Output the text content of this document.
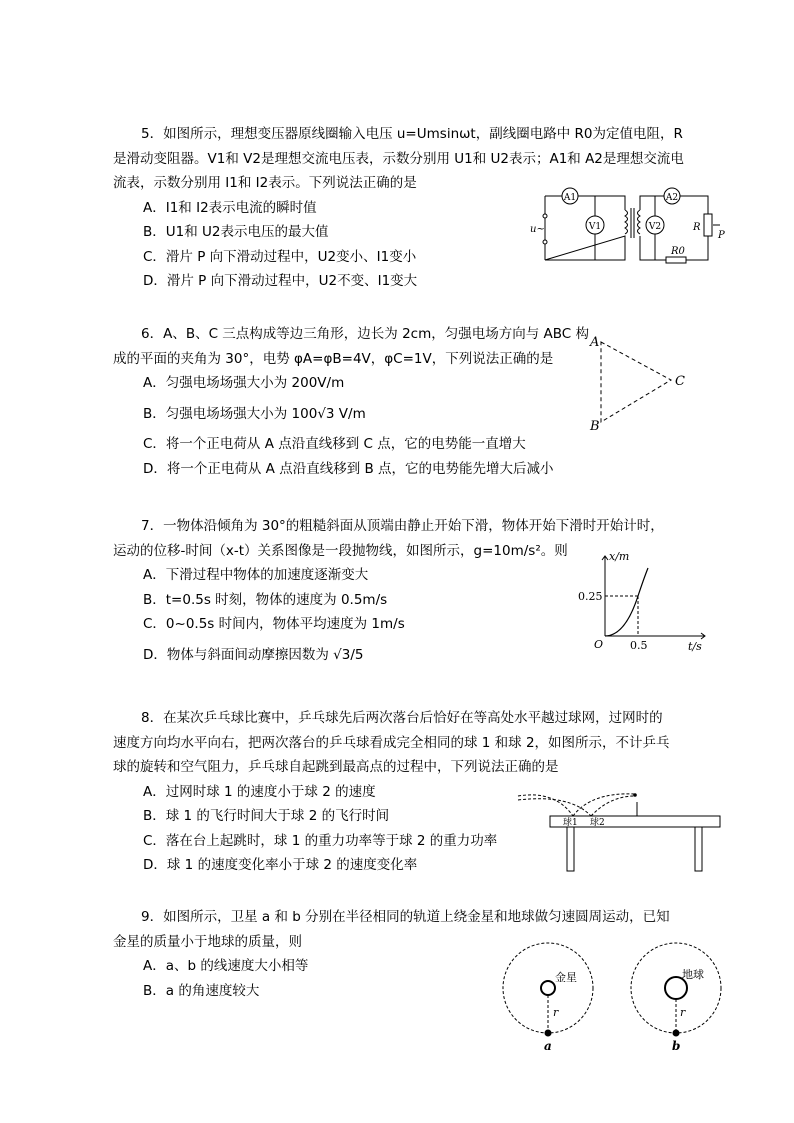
5．如图所示，理想变压器原线圈输入电压 u=Umsinωt，副线圈电路中 R0为定值电阻，R
是滑动变阻器。V1和 V2是理想交流电压表，示数分别用 U1和 U2表示；A1和 A2是理想交流电
流表，示数分别用 I1和 I2表示。下列说法正确的是
A．I1和 I2表示电流的瞬时值
B．U1和 U2表示电压的最大值
C．滑片 P 向下滑动过程中，U2变小、I1变小
D．滑片 P 向下滑动过程中，U2不变、I1变大
A1
V1
A2
V2
u~	R
P
R0
6．A、B、C 三点构成等边三角形，边长为 2cm，匀强电场方向与 ABC 构
成的平面的夹角为 30°，电势 φA=φB=4V，φC=1V，下列说法正确的是
A．匀强电场场强大小为 200V/m
B．匀强电场场强大小为 100√3 V/m
C．将一个正电荷从 A 点沿直线移到 C 点，它的电势能一直增大
D．将一个正电荷从 A 点沿直线移到 B 点，它的电势能先增大后减小
A
C
B
7．一物体沿倾角为 30°的粗糙斜面从顶端由静止开始下滑，物体开始下滑时开始计时，
运动的位移-时间（x-t）关系图像是一段抛物线，如图所示，g=10m/s²。则
A．下滑过程中物体的加速度逐渐变大
B．t=0.5s 时刻，物体的速度为 0.5m/s
C．0~0.5s 时间内，物体平均速度为 1m/s
D．物体与斜面间动摩擦因数为 √3/5
x/m
0.25
0.5
O	t/s
8．在某次乒乓球比赛中，乒乓球先后两次落台后恰好在等高处水平越过球网，过网时的
速度方向均水平向右，把两次落台的乒乓球看成完全相同的球 1 和球 2，如图所示，不计乒乓
球的旋转和空气阻力，乒乓球自起跳到最高点的过程中，下列说法正确的是
A．过网时球 1 的速度小于球 2 的速度
B．球 1 的飞行时间大于球 2 的飞行时间
C．落在台上起跳时，球 1 的重力功率等于球 2 的重力功率
D．球 1 的速度变化率小于球 2 的速度变化率
球1 球2
9．如图所示，卫星 a 和 b 分别在半径相同的轨道上绕金星和地球做匀速圆周运动，已知
金星的质量小于地球的质量，则
A．a、b 的线速度大小相等
B．a 的角速度较大
金星	地球
r	r
a	b
